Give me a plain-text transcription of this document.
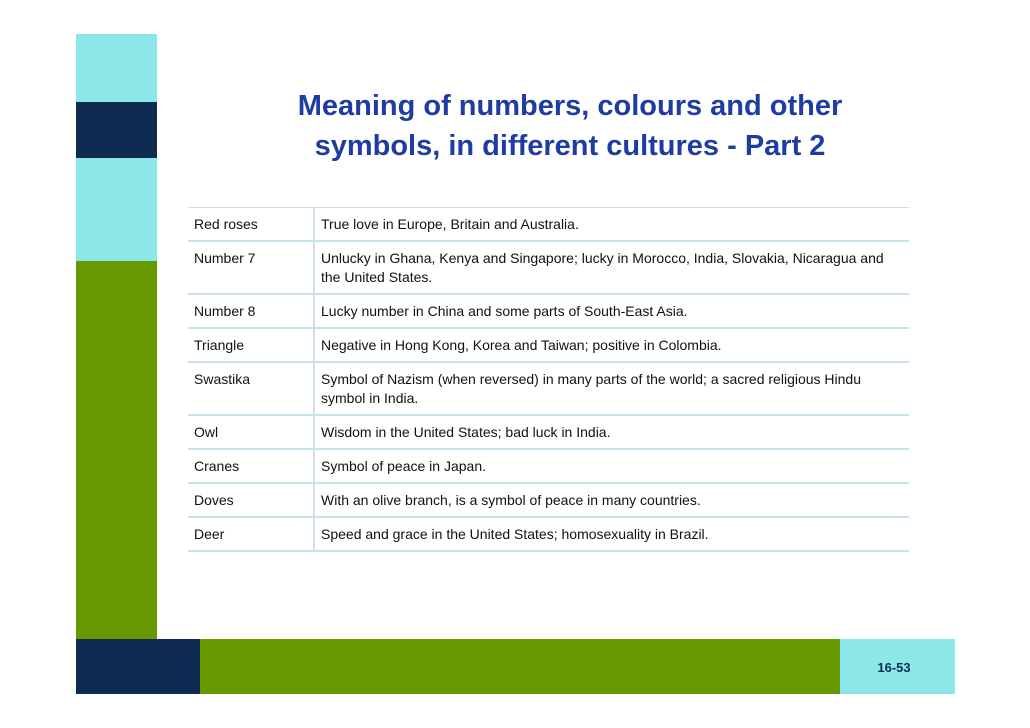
Meaning of numbers, colours and other
symbols, in different cultures - Part 2
Red roses	True love in Europe, Britain and Australia.
Number 7	Unlucky in Ghana, Kenya and Singapore; lucky in Morocco, India, Slovakia, Nicaragua and the United States.
Number 8	Lucky number in China and some parts of South-East Asia.
Triangle	Negative in Hong Kong, Korea and Taiwan; positive in Colombia.
Swastika	Symbol of Nazism (when reversed) in many parts of the world; a sacred religious Hindu symbol in India.
Owl	Wisdom in the United States; bad luck in India.
Cranes	Symbol of peace in Japan.
Doves	With an olive branch, is a symbol of peace in many countries.
Deer	Speed and grace in the United States; homosexuality in Brazil.
16-53
